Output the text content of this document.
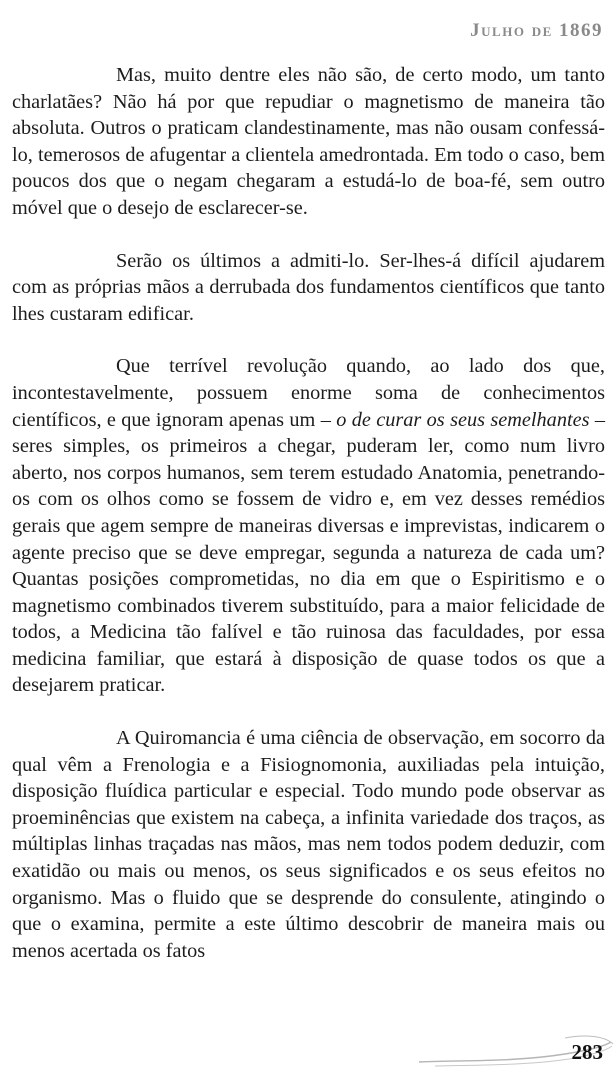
Julho de 1869

Mas, muito dentre eles não são, de certo modo, um tanto charlatães? Não há por que repudiar o magnetismo de maneira tão absoluta. Outros o praticam clandestinamente, mas não ousam confessá-lo, temerosos de afugentar a clientela amedrontada. Em todo o caso, bem poucos dos que o negam chegaram a estudá-lo de boa-fé, sem outro móvel que o desejo de esclarecer-se.

Serão os últimos a admiti-lo. Ser-lhes-á difícil ajudarem com as próprias mãos a derrubada dos fundamentos científicos que tanto lhes custaram edificar.

Que terrível revolução quando, ao lado dos que, incontestavelmente, possuem enorme soma de conhecimentos científicos, e que ignoram apenas um – o de curar os seus semelhantes – seres simples, os primeiros a chegar, puderam ler, como num livro aberto, nos corpos humanos, sem terem estudado Anatomia, penetrando-os com os olhos como se fossem de vidro e, em vez desses remédios gerais que agem sempre de maneiras diversas e imprevistas, indicarem o agente preciso que se deve empregar, segunda a natureza de cada um? Quantas posições comprometidas, no dia em que o Espiritismo e o magnetismo combinados tiverem substituído, para a maior felicidade de todos, a Medicina tão falível e tão ruinosa das faculdades, por essa medicina familiar, que estará à disposição de quase todos os que a desejarem praticar.

A Quiromancia é uma ciência de observação, em socorro da qual vêm a Frenologia e a Fisiognomonia, auxiliadas pela intuição, disposição fluídica particular e especial. Todo mundo pode observar as proeminências que existem na cabeça, a infinita variedade dos traços, as múltiplas linhas traçadas nas mãos, mas nem todos podem deduzir, com exatidão ou mais ou menos, os seus significados e os seus efeitos no organismo. Mas o fluido que se desprende do consulente, atingindo o que o examina, permite a este último descobrir de maneira mais ou menos acertada os fatos

283
